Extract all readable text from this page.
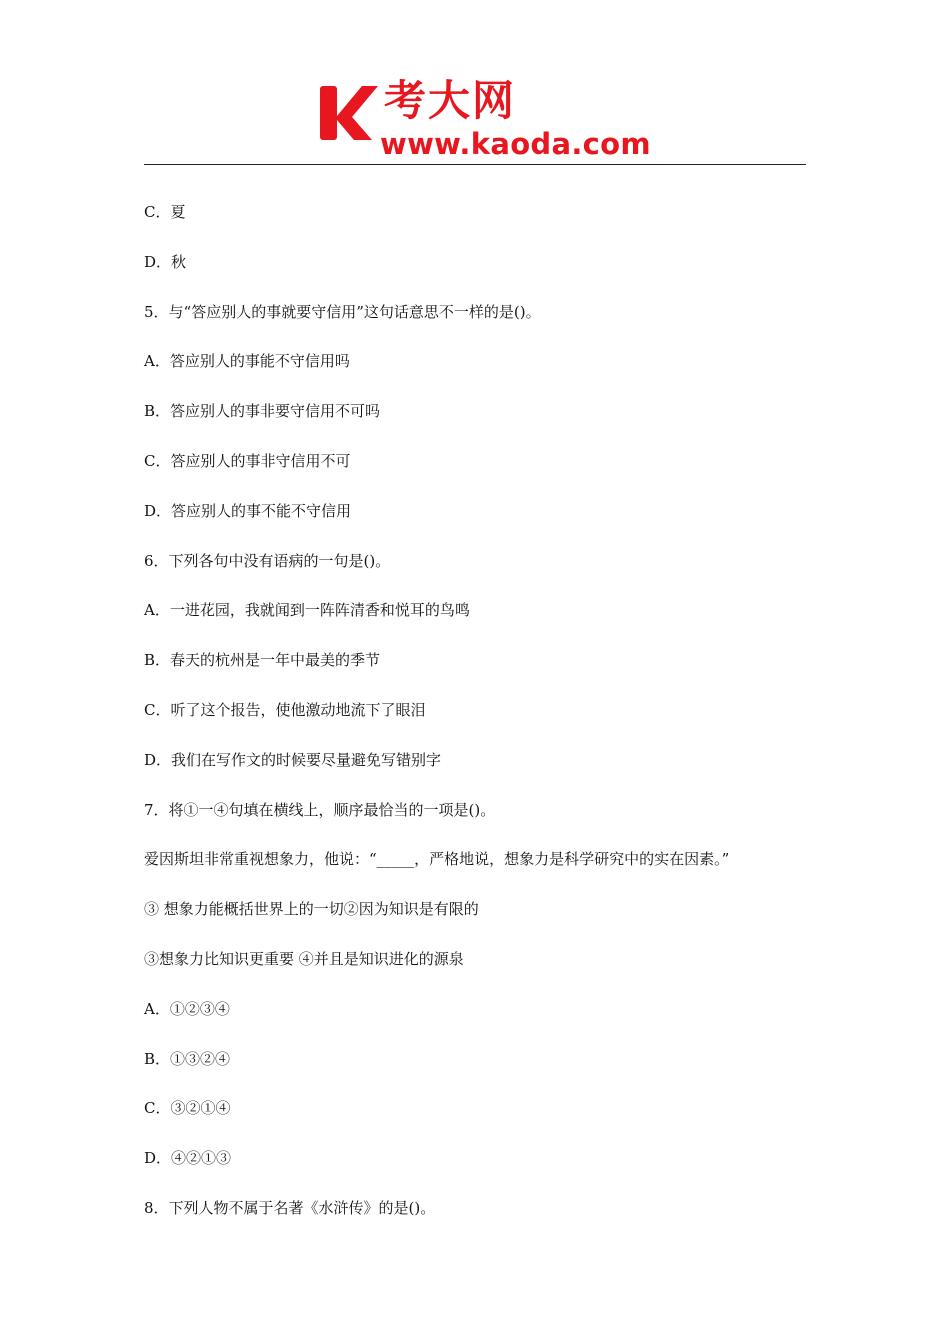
考大网
www.kaoda.com
C．夏
D．秋
5．与“答应别人的事就要守信用”这句话意思不一样的是()。
A．答应别人的事能不守信用吗
B．答应别人的事非要守信用不可吗
C．答应别人的事非守信用不可
D．答应别人的事不能不守信用
6．下列各句中没有语病的一句是()。
A．一进花园，我就闻到一阵阵清香和悦耳的鸟鸣
B．春天的杭州是一年中最美的季节
C．听了这个报告，使他激动地流下了眼泪
D．我们在写作文的时候要尽量避免写错别字
7．将①一④句填在横线上，顺序最恰当的一项是()。
爱因斯坦非常重视想象力，他说：“_____，严格地说，想象力是科学研究中的实在因素。”
③ 想象力能概括世界上的一切②因为知识是有限的
③想象力比知识更重要 ④并且是知识进化的源泉
A．①②③④
B．①③②④
C．③②①④
D．④②①③
8．下列人物不属于名著《水浒传》的是()。
